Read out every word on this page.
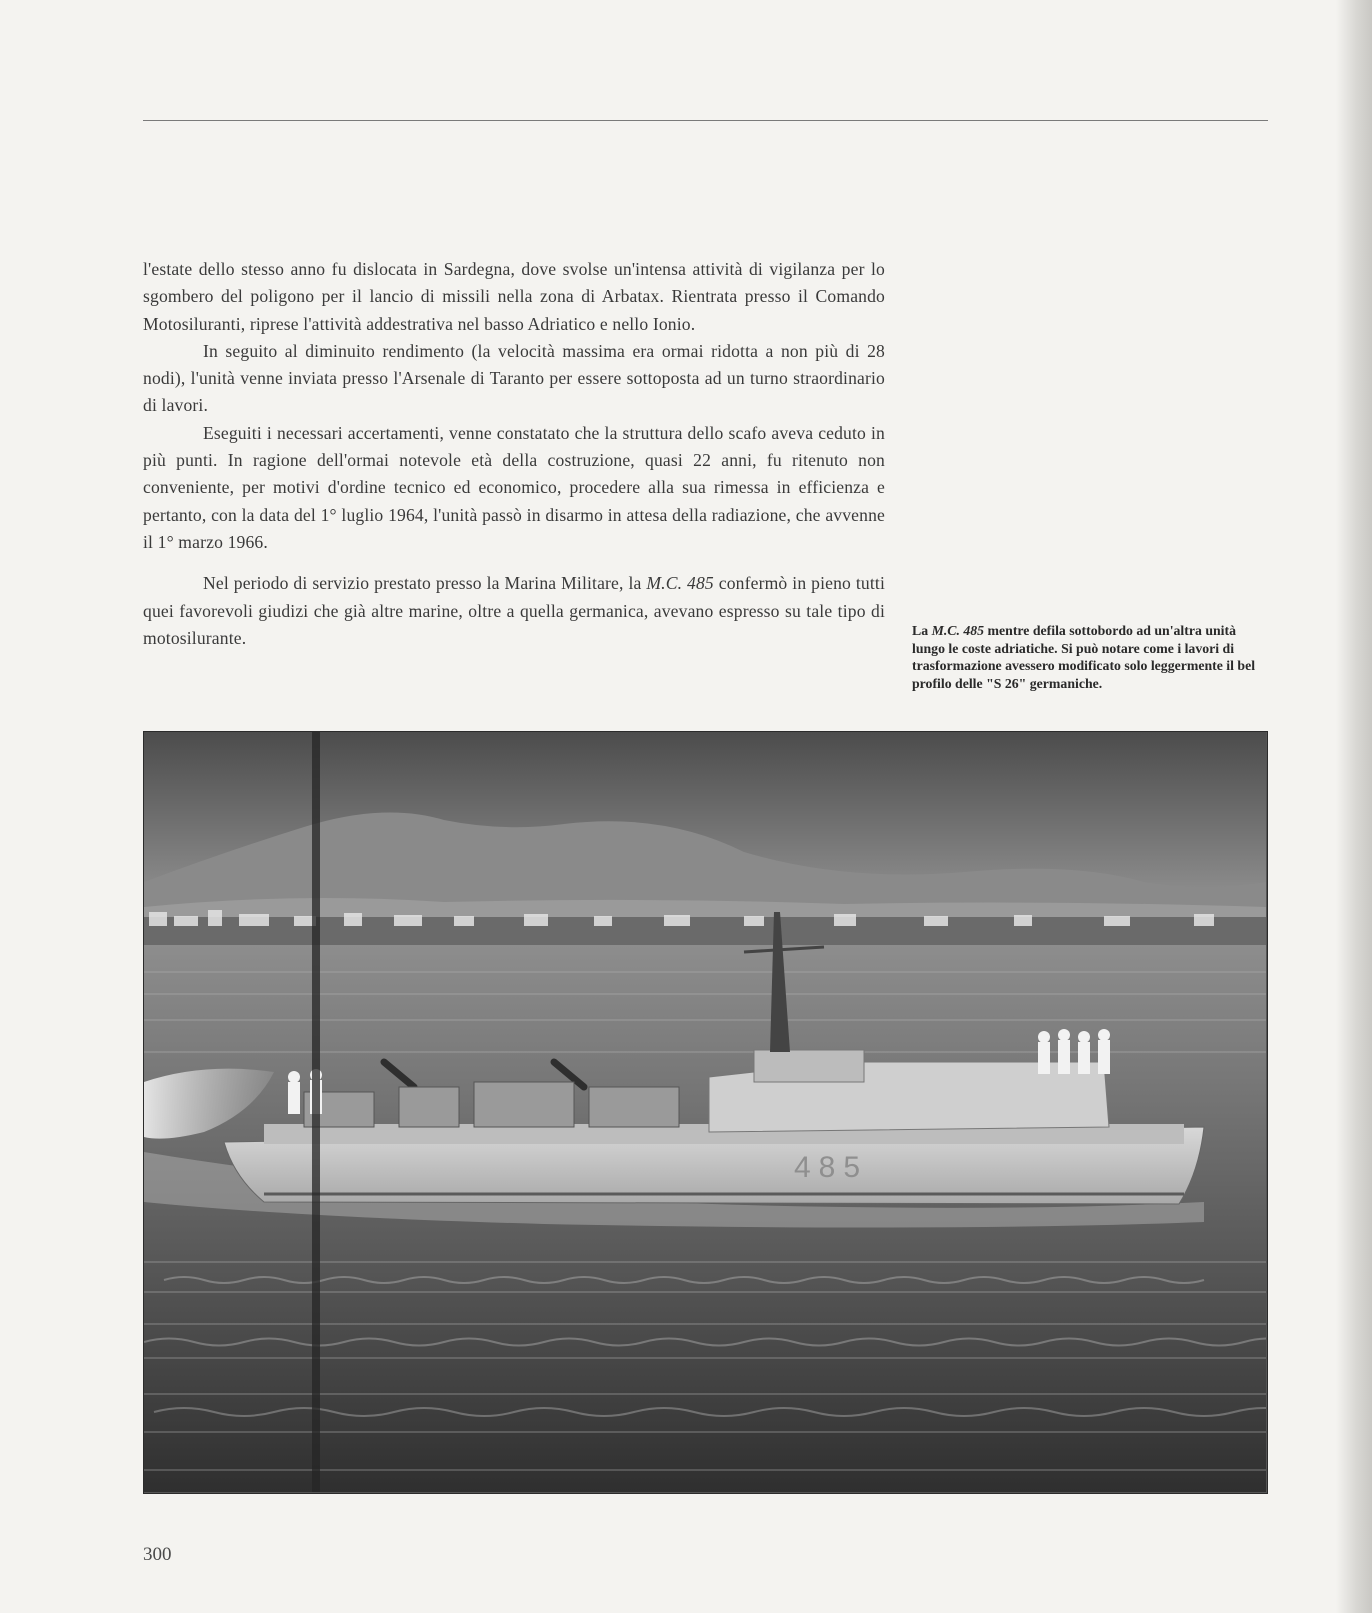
l'estate dello stesso anno fu dislocata in Sardegna, dove svolse un'intensa attività di vigilanza per lo sgombero del poligono per il lancio di missili nella zona di Arbatax. Rientrata presso il Comando Motosiluranti, riprese l'attività addestrativa nel basso Adriatico e nello Ionio.

In seguito al diminuito rendimento (la velocità massima era ormai ridotta a non più di 28 nodi), l'unità venne inviata presso l'Arsenale di Taranto per essere sottoposta ad un turno straordinario di lavori.

Eseguiti i necessari accertamenti, venne constatato che la struttura dello scafo aveva ceduto in più punti. In ragione dell'ormai notevole età della costruzione, quasi 22 anni, fu ritenuto non conveniente, per motivi d'ordine tecnico ed economico, procedere alla sua rimessa in efficienza e pertanto, con la data del 1° luglio 1964, l'unità passò in disarmo in attesa della radiazione, che avvenne il 1° marzo 1966.

Nel periodo di servizio prestato presso la Marina Militare, la M.C. 485 confermò in pieno tutti quei favorevoli giudizi che già altre marine, oltre a quella germanica, avevano espresso su tale tipo di motosilurante.	La M.C. 485 mentre defila sottobordo ad un'altra unità lungo le coste adriatiche. Si può notare come i lavori di trasformazione avessero modificato solo leggermente il bel profilo delle "S 26" germaniche.
485
300
